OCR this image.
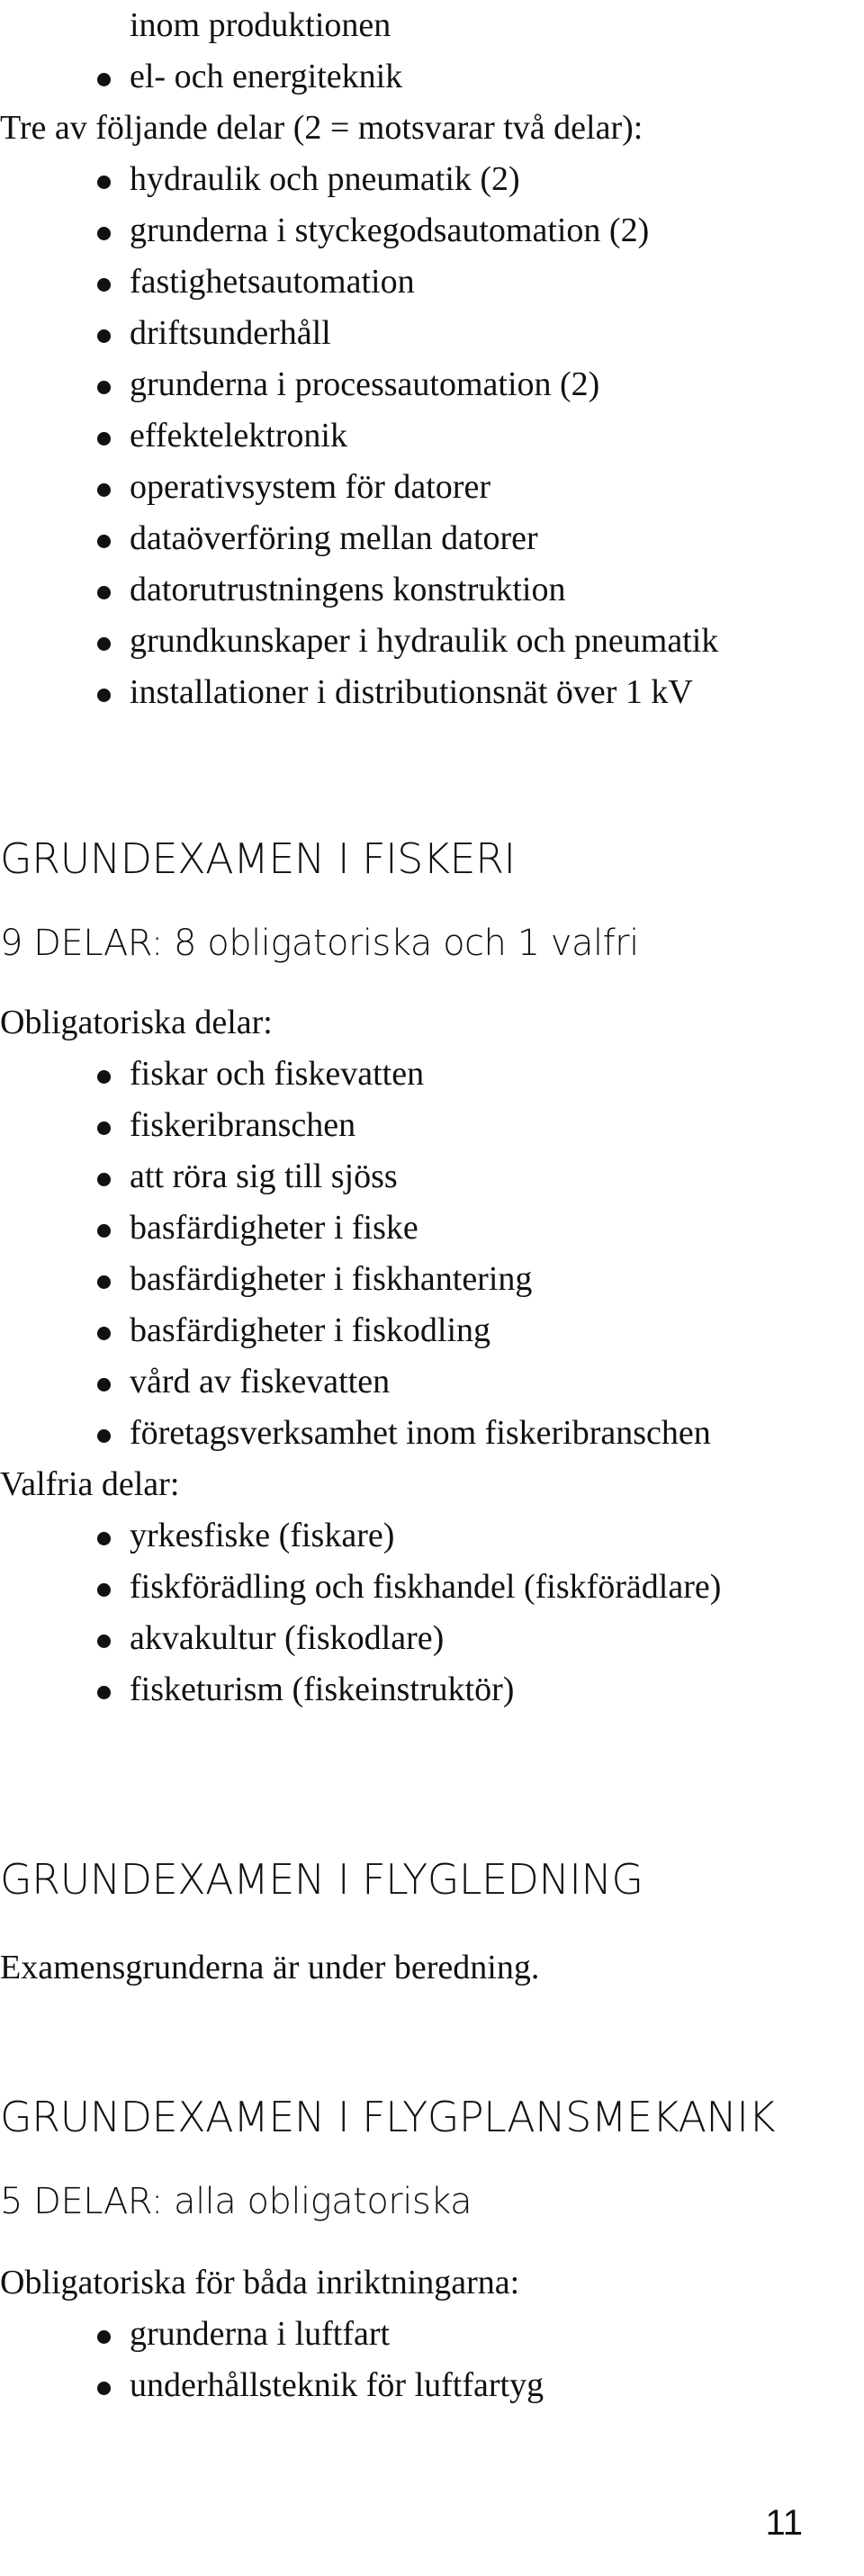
inom produktionen
el- och energiteknik
Tre av följande delar (2 = motsvarar två delar):
hydraulik och pneumatik (2)
grunderna i styckegodsautomation (2)
fastighetsautomation
driftsunderhåll
grunderna i processautomation (2)
effektelektronik
operativsystem för datorer
dataöverföring mellan datorer
datorutrustningens konstruktion
grundkunskaper i hydraulik och pneumatik
installationer i distributionsnät över 1 kV
GRUNDEXAMEN I FISKERI
9 DELAR: 8 obligatoriska och 1 valfri
Obligatoriska delar:
fiskar och fiskevatten
fiskeribranschen
att röra sig till sjöss
basfärdigheter i fiske
basfärdigheter i fiskhantering
basfärdigheter i fiskodling
vård av fiskevatten
företagsverksamhet inom fiskeribranschen
Valfria delar:
yrkesfiske (fiskare)
fiskförädling och fiskhandel (fiskförädlare)
akvakultur (fiskodlare)
fisketurism (fiskeinstruktör)
GRUNDEXAMEN I FLYGLEDNING
Examensgrunderna är under beredning.
GRUNDEXAMEN I FLYGPLANSMEKANIK
5 DELAR: alla obligatoriska
Obligatoriska för båda inriktningarna:
grunderna i luftfart
underhållsteknik för luftfartyg
11
